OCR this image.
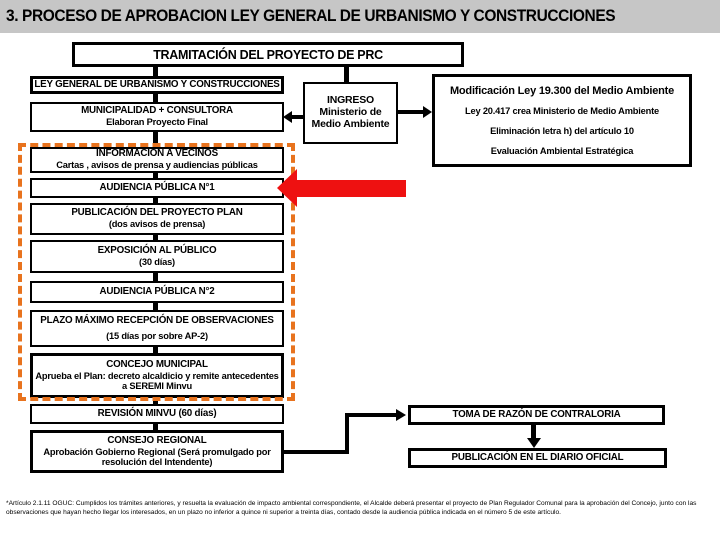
3. PROCESO DE APROBACION LEY GENERAL DE URBANISMO Y CONSTRUCCIONES
TRAMITACIÓN DEL PROYECTO DE PRC
LEY GENERAL DE URBANISMO Y CONSTRUCCIONES
MUNICIPALIDAD + CONSULTORA
Elaboran Proyecto Final
INFORMACIÓN A VECINOS
Cartas , avisos de prensa y audiencias públicas
AUDIENCIA PÚBLICA N°1
PUBLICACIÓN DEL PROYECTO PLAN
(dos avisos de prensa)
EXPOSICIÓN AL PÚBLICO
(30 días)
AUDIENCIA PÚBLICA N°2
PLAZO MÁXIMO RECEPCIÓN DE OBSERVACIONES
(15 días por sobre AP-2)
CONCEJO MUNICIPAL
Aprueba el Plan: decreto alcaldicio y remite antecedentes a SEREMI Minvu
REVISIÓN MINVU (60 días)
CONSEJO REGIONAL
Aprobación Gobierno Regional (Será promulgado por resolución del Intendente)
INGRESO
Ministerio de Medio Ambiente
Modificación Ley 19.300 del Medio Ambiente
Ley 20.417 crea Ministerio de Medio Ambiente
Eliminación letra h) del artículo 10
Evaluación Ambiental Estratégica
TOMA DE RAZÓN DE CONTRALORIA
PUBLICACIÓN EN EL DIARIO OFICIAL
*Artículo 2.1.11 OGUC: Cumplidos los trámites anteriores, y resuelta la evaluación de impacto ambiental correspondiente, el Alcalde deberá presentar el proyecto de Plan Regulador Comunal para la aprobación del Concejo, junto con las observaciones que hayan hecho llegar los interesados, en un plazo no inferior a quince ni superior a treinta días, contado desde la audiencia pública indicada en el número 5 de este artículo.
